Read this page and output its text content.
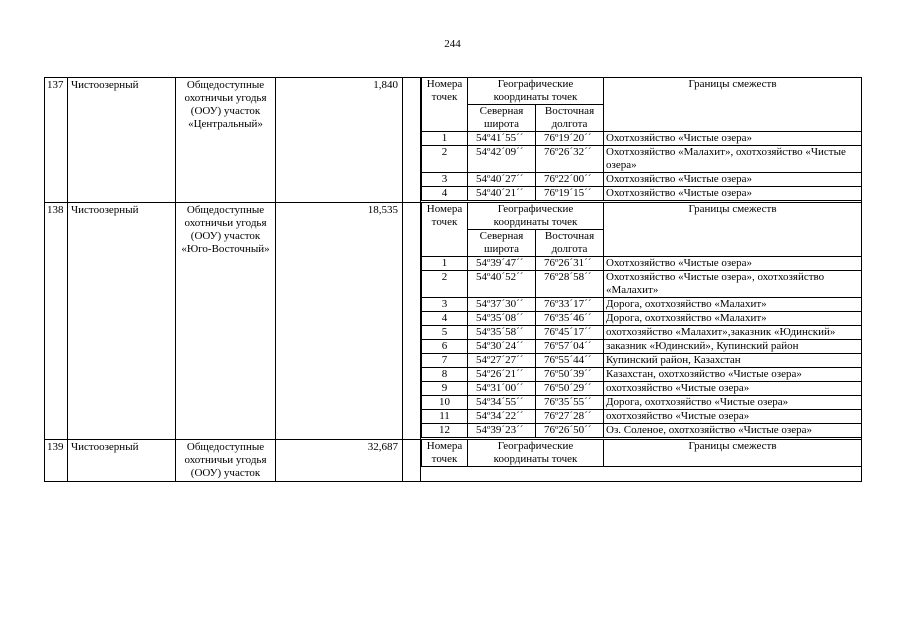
244
137	Чистоозерный	Общедоступные охотничьи угодья (ООУ) участок «Центральный»	1,840			Номера точек	Географические координаты точек	Границы смежеств
Северная широта	Восточная долгота
1	54º41´55´´	76º19´20´´	Охотхозяйство «Чистые озера»
2	54º42´09´´	76º26´32´´	Охотхозяйство «Малахит», охотхозяйство «Чистые озера»
3	54º40´27´´	76º22´00´´	Охотхозяйство «Чистые озера»
4	54º40´21´´	76º19´15´´	Охотхозяйство «Чистые озера»

138	Чистоозерный	Общедоступные охотничьи угодья (ООУ) участок «Юго-Восточный»	18,535			Номера точек	Географические координаты точек	Границы смежеств
Северная широта	Восточная долгота
1	54º39´47´´	76º26´31´´	Охотхозяйство «Чистые озера»
2	54º40´52´´	76º28´58´´	Охотхозяйство «Чистые озера», охотхозяйство «Малахит»
3	54º37´30´´	76º33´17´´	Дорога, охотхозяйство «Малахит»
4	54º35´08´´	76º35´46´´	Дорога, охотхозяйство «Малахит»
5	54º35´58´´	76º45´17´´	охотхозяйство «Малахит»,заказник «Юдинский»
6	54º30´24´´	76º57´04´´	заказник «Юдинский», Купинский район
7	54º27´27´´	76º55´44´´	Купинский район, Казахстан
8	54º26´21´´	76º50´39´´	Казахстан, охотхозяйство «Чистые озера»
9	54º31´00´´	76º50´29´´	охотхозяйство «Чистые озера»
10	54º34´55´´	76º35´55´´	Дорога, охотхозяйство «Чистые озера»
11	54º34´22´´	76º27´28´´	охотхозяйство «Чистые озера»
12	54º39´23´´	76º26´50´´	Оз. Соленое, охотхозяйство «Чистые озера»

139	Чистоозерный	Общедоступные охотничьи угодья (ООУ) участок	32,687			Номера точек	Географические координаты точек	Границы смежеств
